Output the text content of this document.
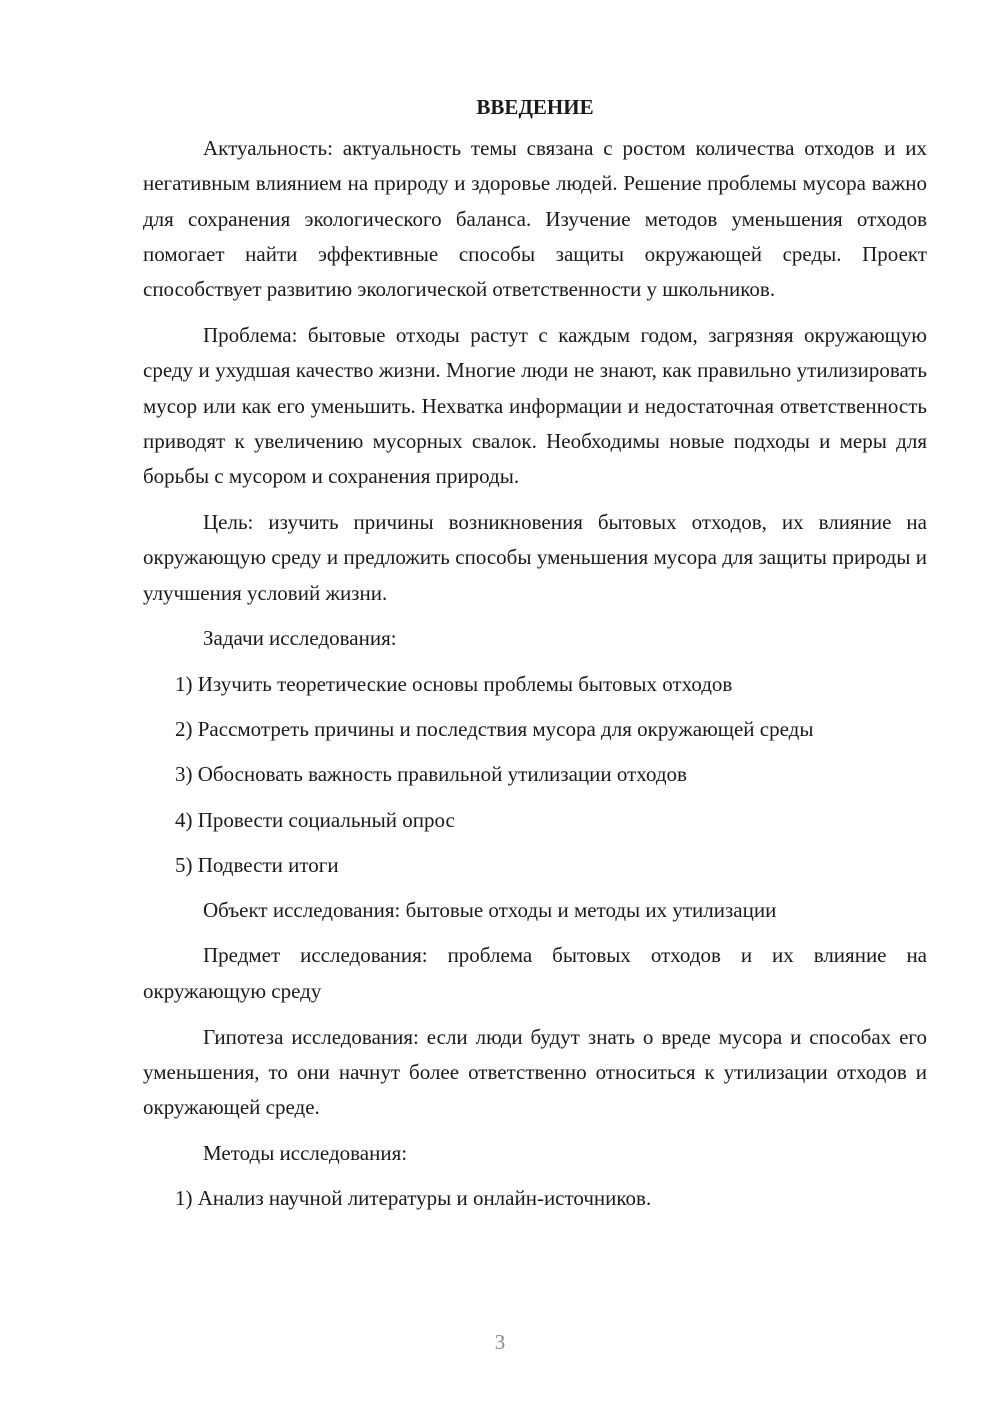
ВВЕДЕНИЕ

Актуальность: актуальность темы связана с ростом количества отходов и их негативным влиянием на природу и здоровье людей. Решение проблемы мусора важно для сохранения экологического баланса. Изучение методов уменьшения отходов помогает найти эффективные способы защиты окружающей среды. Проект способствует развитию экологической ответственности у школьников.

Проблема: бытовые отходы растут с каждым годом, загрязняя окружающую среду и ухудшая качество жизни. Многие люди не знают, как правильно утилизировать мусор или как его уменьшить. Нехватка информации и недостаточная ответственность приводят к увеличению мусорных свалок. Необходимы новые подходы и меры для борьбы с мусором и сохранения природы.

Цель: изучить причины возникновения бытовых отходов, их влияние на окружающую среду и предложить способы уменьшения мусора для защиты природы и улучшения условий жизни.

Задачи исследования:
1) Изучить теоретические основы проблемы бытовых отходов
2) Рассмотреть причины и последствия мусора для окружающей среды
3) Обосновать важность правильной утилизации отходов
4) Провести социальный опрос
5) Подвести итоги
Объект исследования: бытовые отходы и методы их утилизации

Предмет исследования: проблема бытовых отходов и их влияние на окружающую среду

Гипотеза исследования: если люди будут знать о вреде мусора и способах его уменьшения, то они начнут более ответственно относиться к утилизации отходов и окружающей среде.

Методы исследования:
1) Анализ научной литературы и онлайн-источников.
3
